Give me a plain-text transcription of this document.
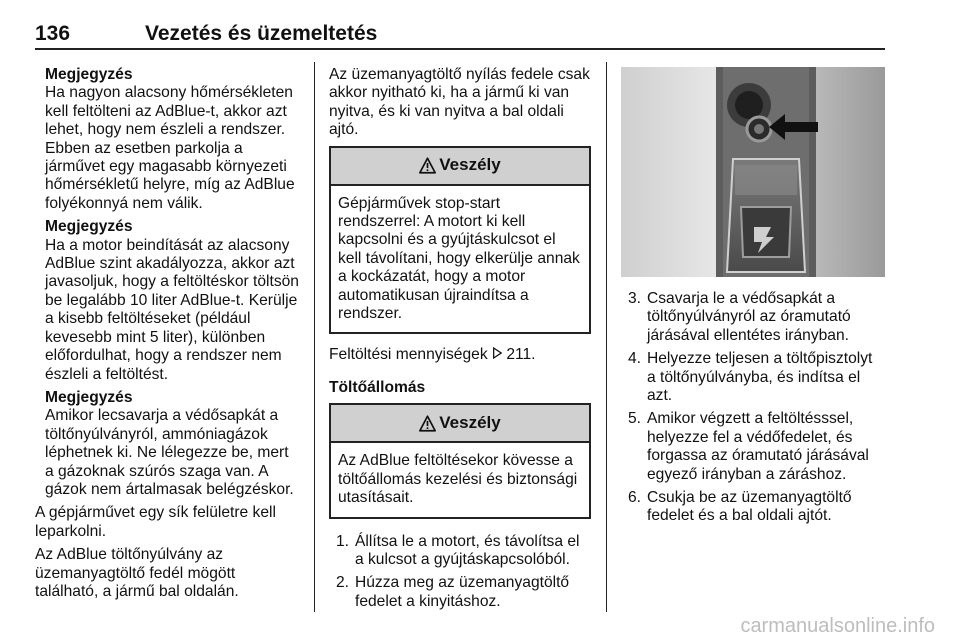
136	Vezetés és üzemeltetés
Megjegyzés
Ha nagyon alacsony hőmérsékleten kell feltölteni az AdBlue-t, akkor azt lehet, hogy nem észleli a rendszer. Ebben az esetben parkolja a járművet egy magasabb környezeti hőmérsékletű helyre, míg az AdBlue folyékonnyá nem válik.
Megjegyzés
Ha a motor beindítását az alacsony AdBlue szint akadályozza, akkor azt javasoljuk, hogy a feltöltéskor töltsön be legalább 10 liter AdBlue-t. Kerülje a kisebb feltöltéseket (például kevesebb mint 5 liter), különben előfordulhat, hogy a rendszer nem észleli a feltöltést.
Megjegyzés
Amikor lecsavarja a védősapkát a töltőnyúlványról, ammóniagázok léphetnek ki. Ne lélegezze be, mert a gázoknak szúrós szaga van. A gázok nem ártalmasak belégzéskor.

A gépjárművet egy sík felületre kell leparkolni.

Az AdBlue töltőnyúlvány az üzemanyagtöltő fedél mögött található, a jármű bal oldalán.

Az üzemanyagtöltő nyílás fedele csak akkor nyitható ki, ha a jármű ki van nyitva, és ki van nyitva a bal oldali ajtó.

Veszély
Gépjárművek stop-start rendszerrel: A motort ki kell kapcsolni és a gyújtáskulcsot el kell távolítani, hogy elkerülje annak a kockázatát, hogy a motor automatikusan újraindítsa a rendszer.

Feltöltési mennyiségek 211.

Töltőállomás

Veszély
Az AdBlue feltöltésekor kövesse a töltőállomás kezelési és biztonsági utasításait.
1. Állítsa le a motort, és távolítsa el a kulcsot a gyújtáskapcsolóból.
2. Húzza meg az üzemanyagtöltő fedelet a kinyitáshoz.
3. Csavarja le a védősapkát a töltőnyúlványról az óramutató járásával ellentétes irányban.
4. Helyezze teljesen a töltőpisztolyt a töltőnyúlványba, és indítsa el azt.
5. Amikor végzett a feltöltésssel, helyezze fel a védőfedelet, és forgassa az óramutató járásával egyező irányban a záráshoz.
6. Csukja be az üzemanyagtöltő fedelet és a bal oldali ajtót.
carmanualsonline.info
